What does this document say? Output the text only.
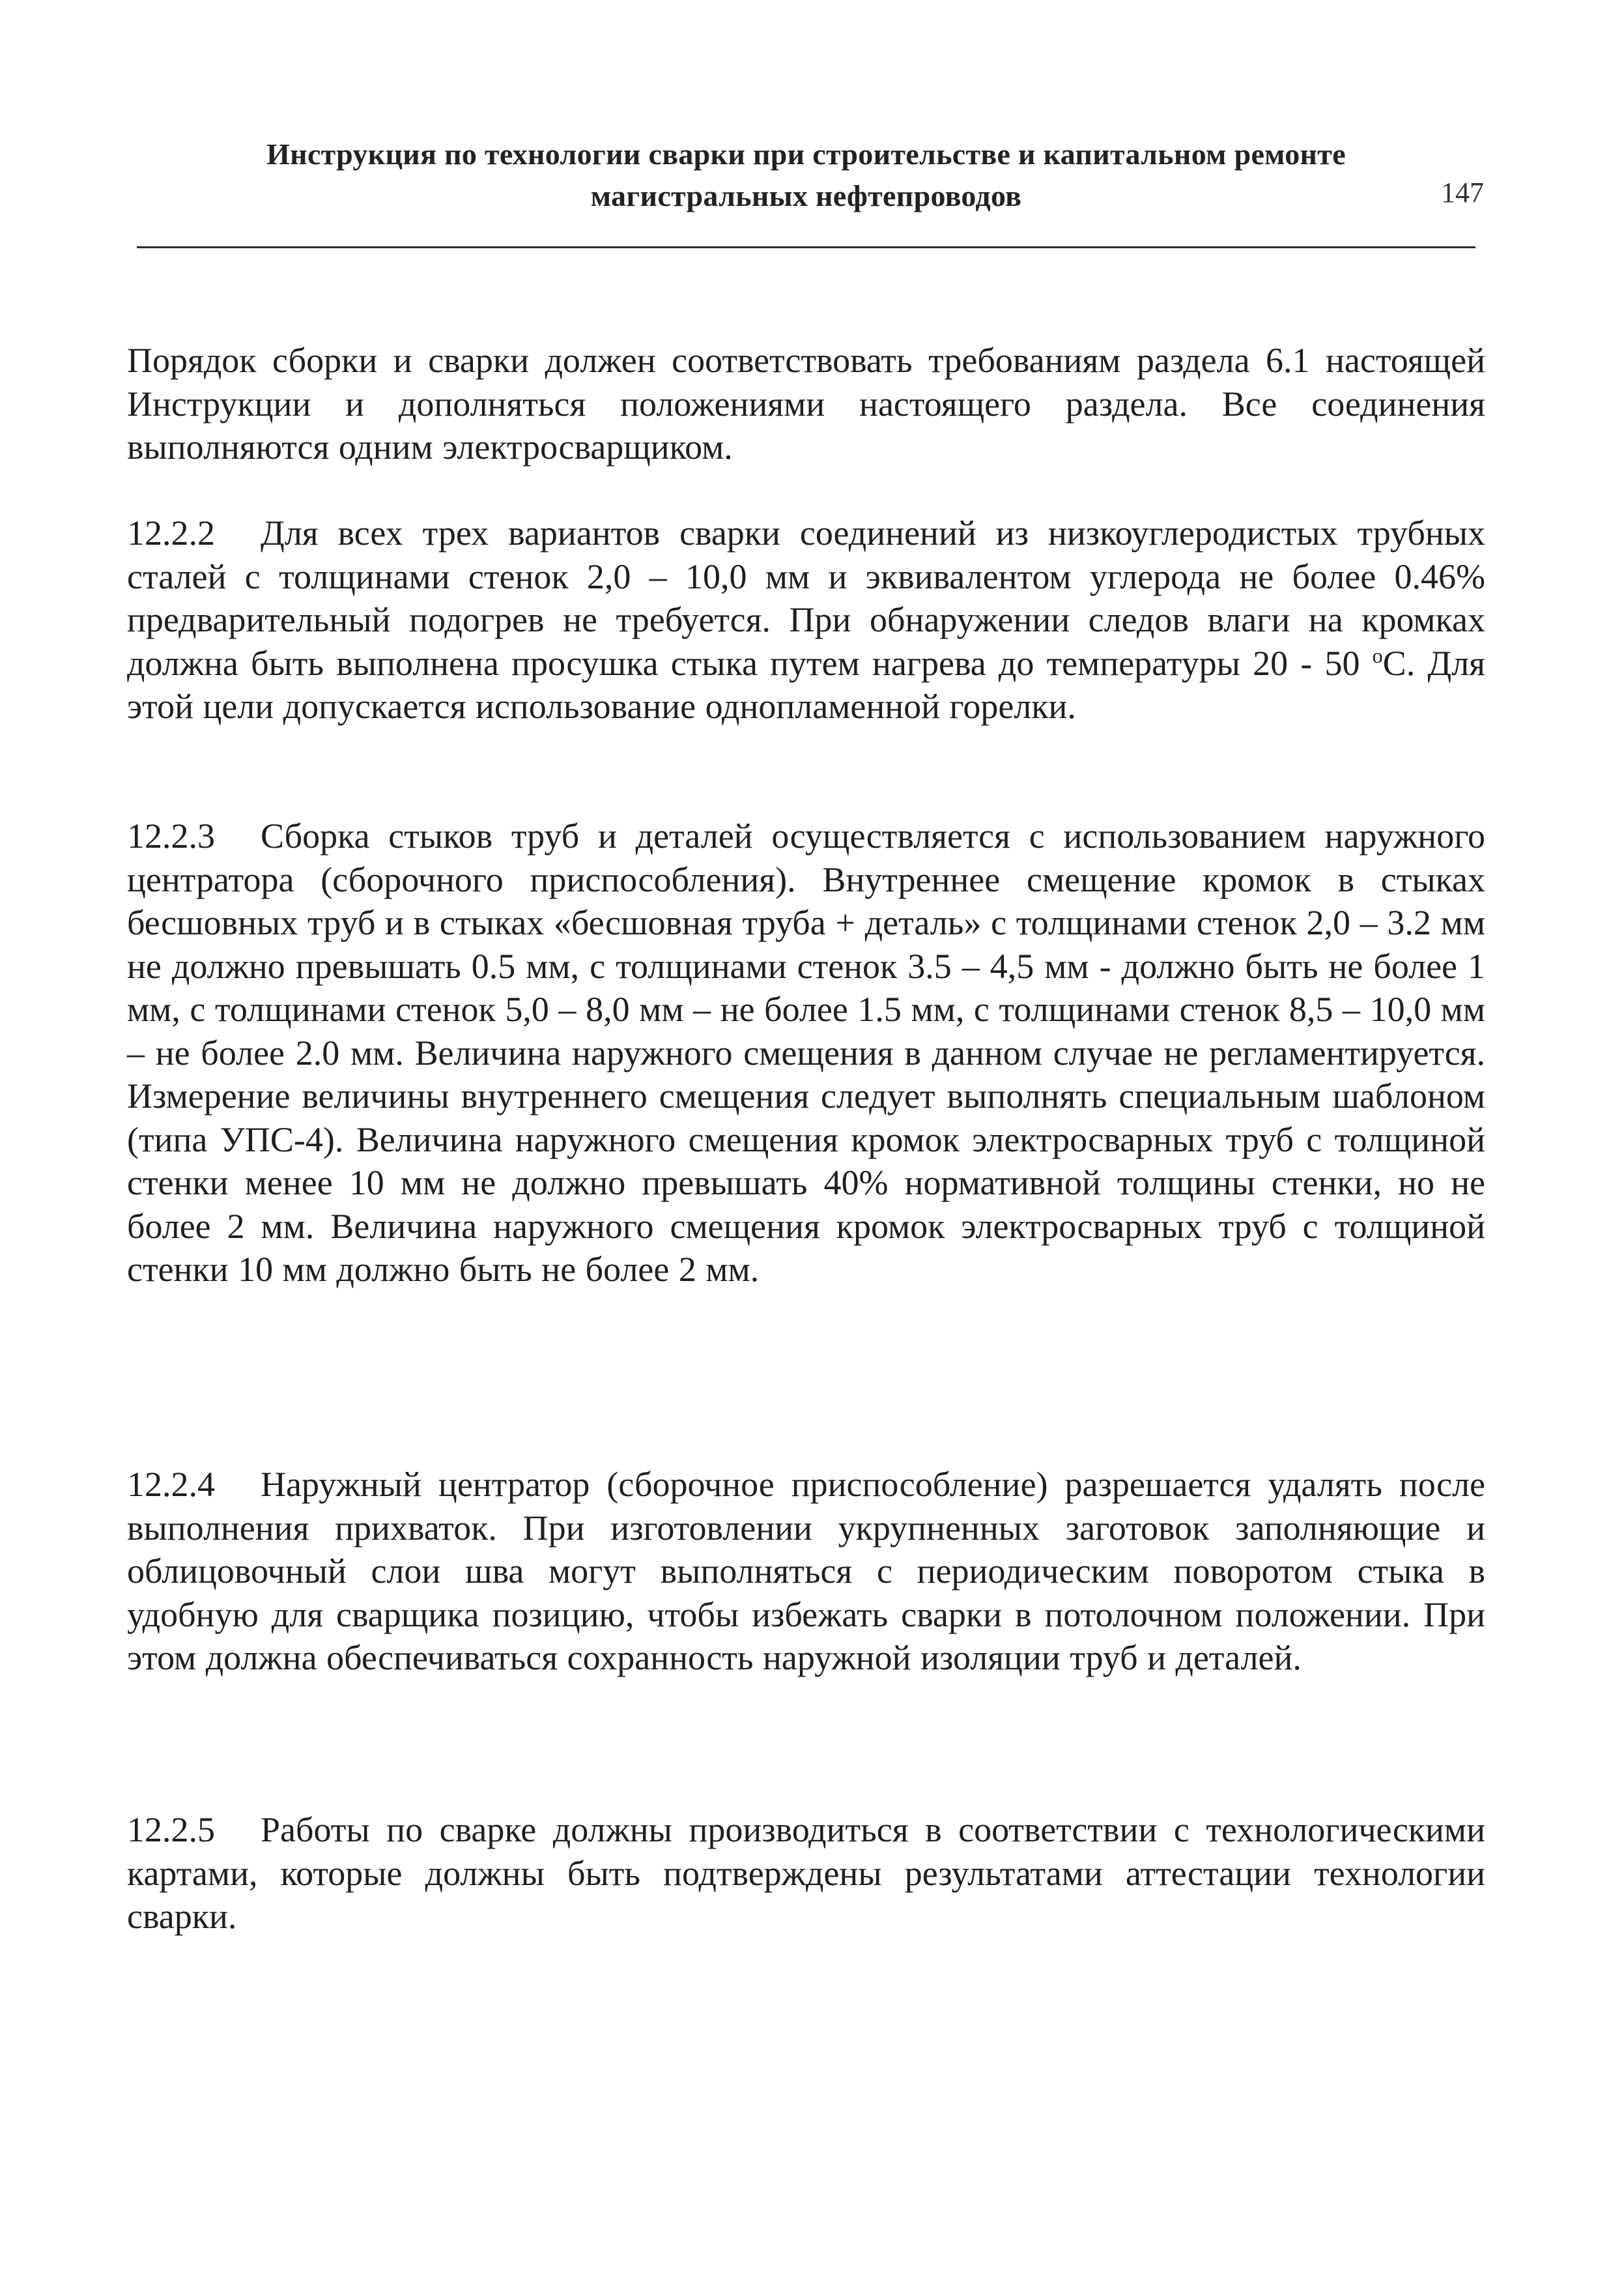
Инструкция по технологии сварки при строительстве и капитальном ремонте

магистральных нефтепроводов	147

Порядок сборки и сварки должен соответствовать требованиям раздела 6.1 настоящей Инструкции и дополняться положениями настоящего раздела. Все соединения выполняются одним электросварщиком.

12.2.2 Для всех трех вариантов сварки соединений из низкоуглеродистых трубных сталей с толщинами стенок 2,0 – 10,0 мм и эквивалентом углерода не более 0.46% предварительный подогрев не требуется. При обнаружении следов влаги на кромках должна быть выполнена просушка стыка путем нагрева до температуры 20 - 50 $^о$С. Для этой цели допускается использование однопламенной горелки.

12.2.3 Сборка стыков труб и деталей осуществляется с использованием наружного центратора (сборочного приспособления). Внутреннее смещение кромок в стыках бесшовных труб и в стыках «бесшовная труба + деталь» с толщинами стенок 2,0 – 3.2 мм не должно превышать 0.5 мм, с толщинами стенок 3.5 – 4,5 мм - должно быть не более 1 мм, с толщинами стенок 5,0 – 8,0 мм – не более 1.5 мм, с толщинами стенок 8,5 – 10,0 мм – не более 2.0 мм. Величина наружного смещения в данном случае не регламентируется. Измерение величины внутреннего смещения следует выполнять специальным шаблоном (типа УПС-4). Величина наружного смещения кромок электросварных труб с толщиной стенки менее 10 мм не должно превышать 40% нормативной толщины стенки, но не более 2 мм. Величина наружного смещения кромок электросварных труб с толщиной стенки 10 мм должно быть не более 2 мм.

12.2.4 Наружный центратор (сборочное приспособление) разрешается удалять после выполнения прихваток. При изготовлении укрупненных заготовок заполняющие и облицовочный слои шва могут выполняться с периодическим поворотом стыка в удобную для сварщика позицию, чтобы избежать сварки в потолочном положении. При этом должна обеспечиваться сохранность наружной изоляции труб и деталей.

12.2.5 Работы по сварке должны производиться в соответствии с технологическими картами, которые должны быть подтверждены результатами аттестации технологии сварки.
